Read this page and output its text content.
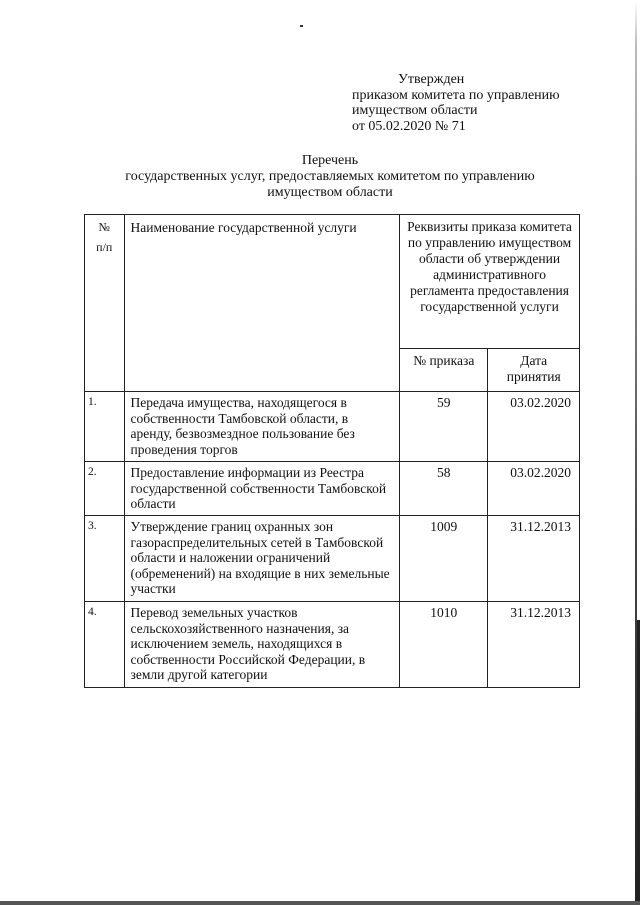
Утвержден
приказом комитета по управлению
имуществом области
от 05.02.2020 № 71
Перечень
государственных услуг, предоставляемых комитетом по управлению
имуществом области
№
п/п	Наименование государственной услуги	Реквизиты приказа комитета по управлению имуществом области об утверждении административного регламента предоставления государственной услуги	
		№ приказа	Дата принятия
1.	Передача имущества, находящегося в собственности Тамбовской области, в аренду, безвозмездное пользование без проведения торгов	59	03.02.2020
2.	Предоставление информации из Реестра государственной собственности Тамбовской области	58	03.02.2020
3.	Утверждение границ охранных зон газораспределительных сетей в Тамбовской области и наложении ограничений (обременений) на входящие в них земельные участки	1009	31.12.2013
4.	Перевод земельных участков сельскохозяйственного назначения, за исключением земель, находящихся в собственности Российской Федерации, в земли другой категории	1010	31.12.2013
